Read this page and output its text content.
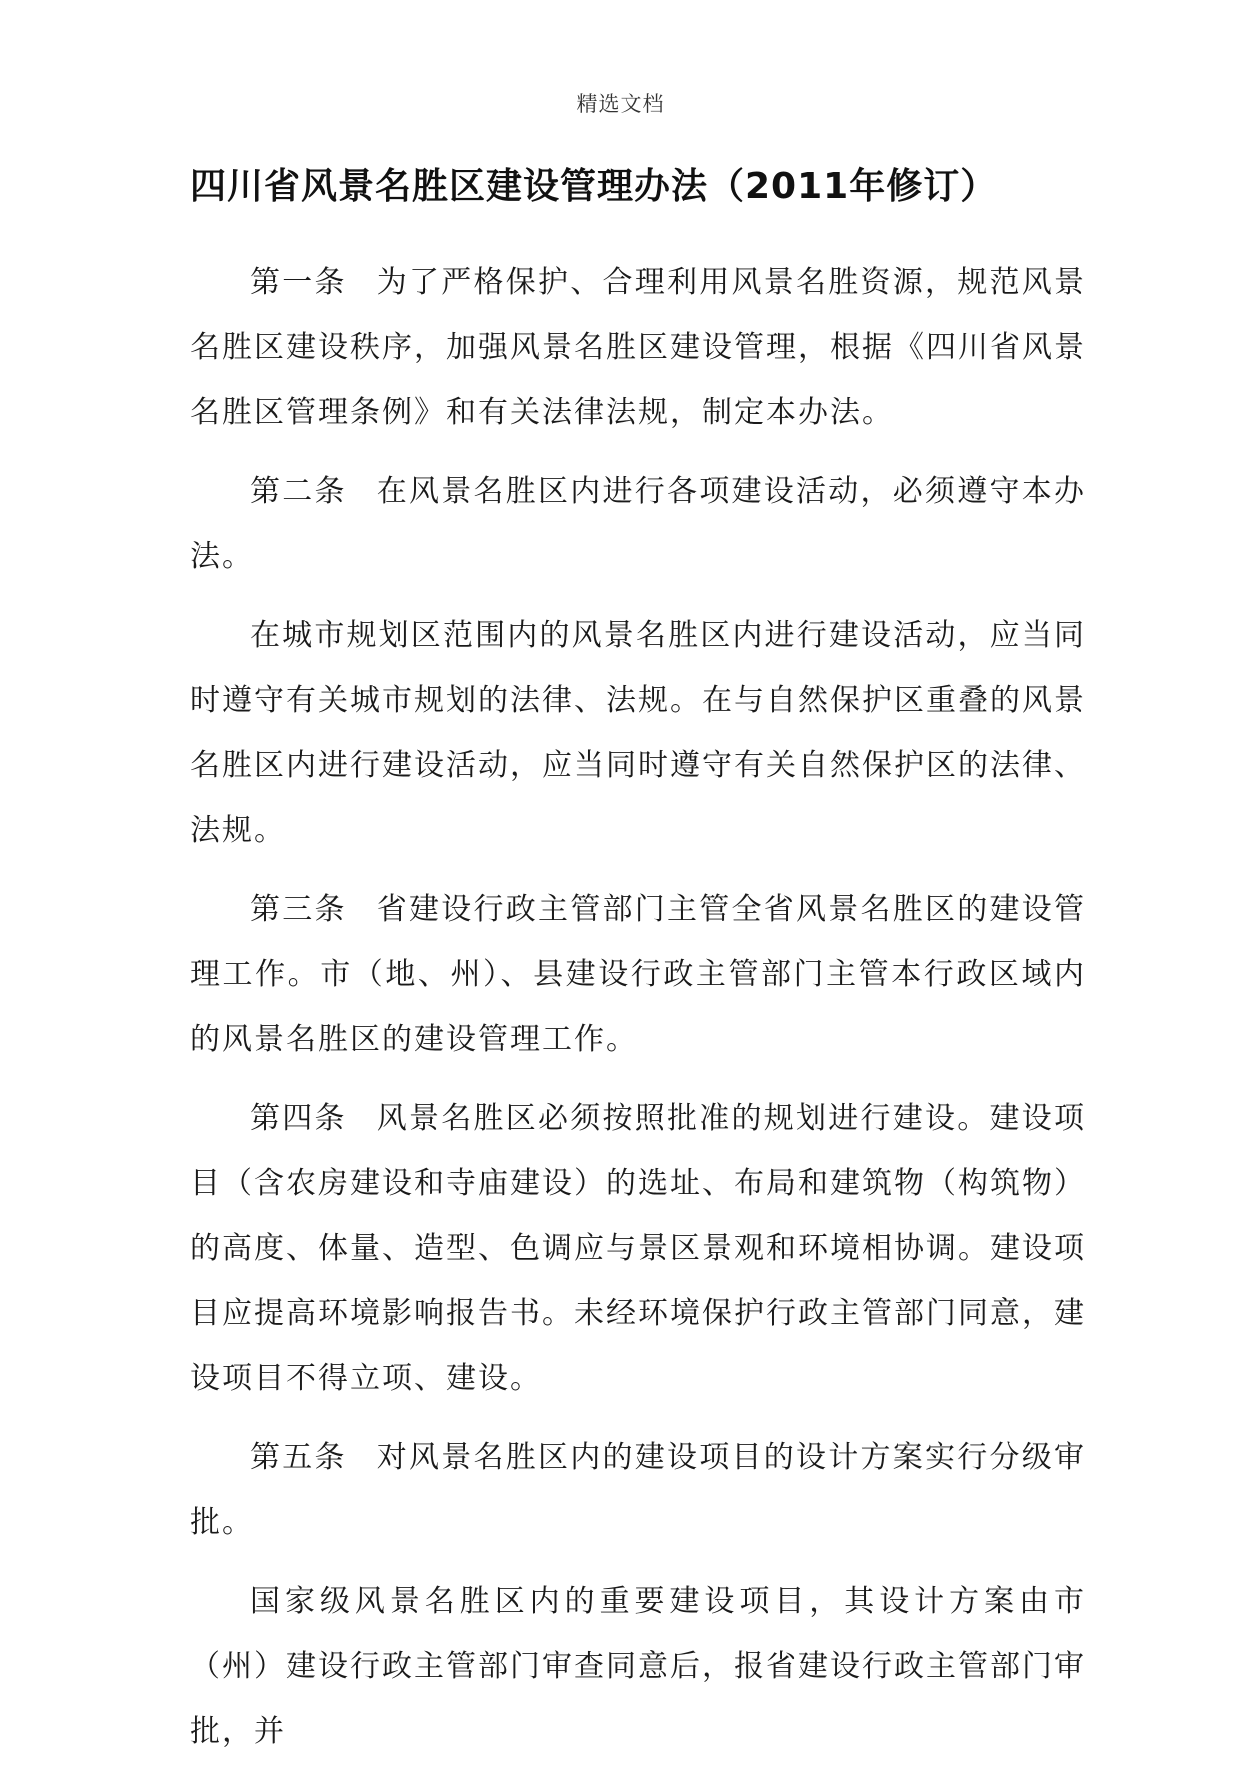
精选文档
四川省风景名胜区建设管理办法（2011年修订）

第一条 为了严格保护、合理利用风景名胜资源，规范风景名胜区建设秩序，加强风景名胜区建设管理，根据《四川省风景名胜区管理条例》和有关法律法规，制定本办法。

第二条 在风景名胜区内进行各项建设活动，必须遵守本办法。

在城市规划区范围内的风景名胜区内进行建设活动，应当同时遵守有关城市规划的法律、法规。在与自然保护区重叠的风景名胜区内进行建设活动，应当同时遵守有关自然保护区的法律、法规。

第三条 省建设行政主管部门主管全省风景名胜区的建设管理工作。市（地、州）、县建设行政主管部门主管本行政区域内的风景名胜区的建设管理工作。

第四条 风景名胜区必须按照批准的规划进行建设。建设项目（含农房建设和寺庙建设）的选址、布局和建筑物（构筑物）的高度、体量、造型、色调应与景区景观和环境相协调。建设项目应提高环境影响报告书。未经环境保护行政主管部门同意，建设项目不得立项、建设。

第五条 对风景名胜区内的建设项目的设计方案实行分级审批。

国家级风景名胜区内的重要建设项目，其设计方案由市（州）建设行政主管部门审查同意后，报省建设行政主管部门审批，并
